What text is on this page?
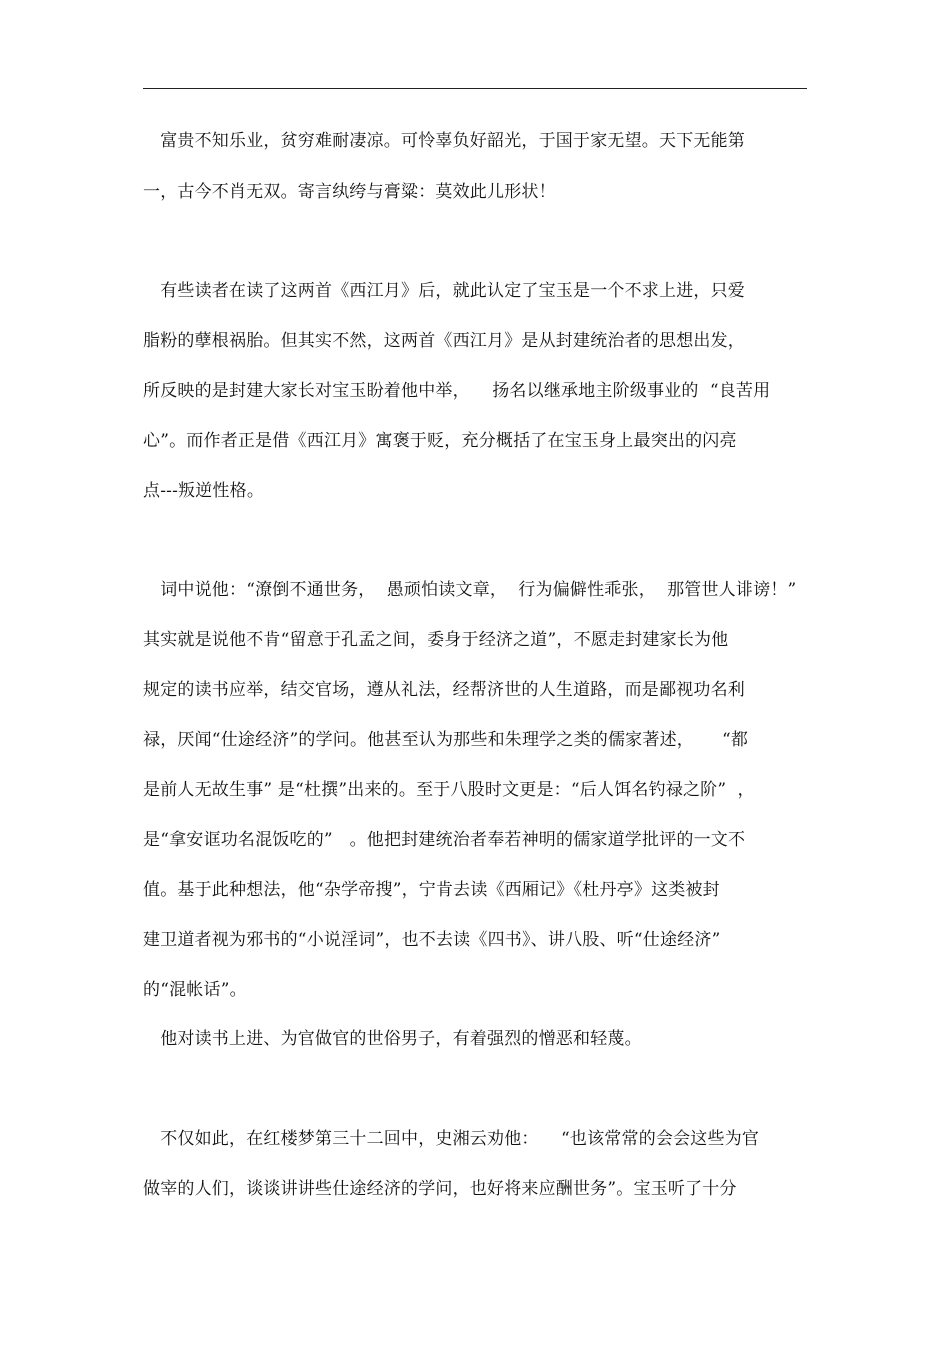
　富贵不知乐业，贫穷难耐凄凉。可怜辜负好韶光，于国于家无望。天下无能第
一，古今不肖无双。寄言纨绔与膏粱：莫效此儿形状！
　有些读者在读了这两首《西江月》后，就此认定了宝玉是一个不求上进，只爱
脂粉的孽根祸胎。但其实不然，这两首《西江月》是从封建统治者的思想出发，
所反映的是封建大家长对宝玉盼着他中举，    扬名以继承地主阶级事业的  “良苦用
心”。而作者正是借《西江月》寓褒于贬，充分概括了在宝玉身上最突出的闪亮
点---叛逆性格。
　词中说他：“潦倒不通世务，  愚顽怕读文章，  行为偏僻性乖张，  那管世人诽谤！”
其实就是说他不肯“留意于孔孟之间，委身于经济之道”，不愿走封建家长为他
规定的读书应举，结交官场，遵从礼法，经帮济世的人生道路，而是鄙视功名利
禄，厌闻“仕途经济”的学问。他甚至认为那些和朱理学之类的儒家著述，     “都
是前人无故生事” 是“杜撰”出来的。至于八股时文更是：“后人饵名钓禄之阶”  ，
是“拿安诓功名混饭吃的”   。他把封建统治者奉若神明的儒家道学批评的一文不
值。基于此种想法，他“杂学帝搜”，宁肯去读《西厢记》《杜丹亭》这类被封
建卫道者视为邪书的“小说淫词”，也不去读《四书》、讲八股、听“仕途经济”
的“混帐话”。
　他对读书上进、为官做官的世俗男子，有着强烈的憎恶和轻蔑。
　不仅如此，在红楼梦第三十二回中，史湘云劝他：    “也该常常的会会这些为官
做宰的人们，谈谈讲讲些仕途经济的学问，也好将来应酬世务”。宝玉听了十分
